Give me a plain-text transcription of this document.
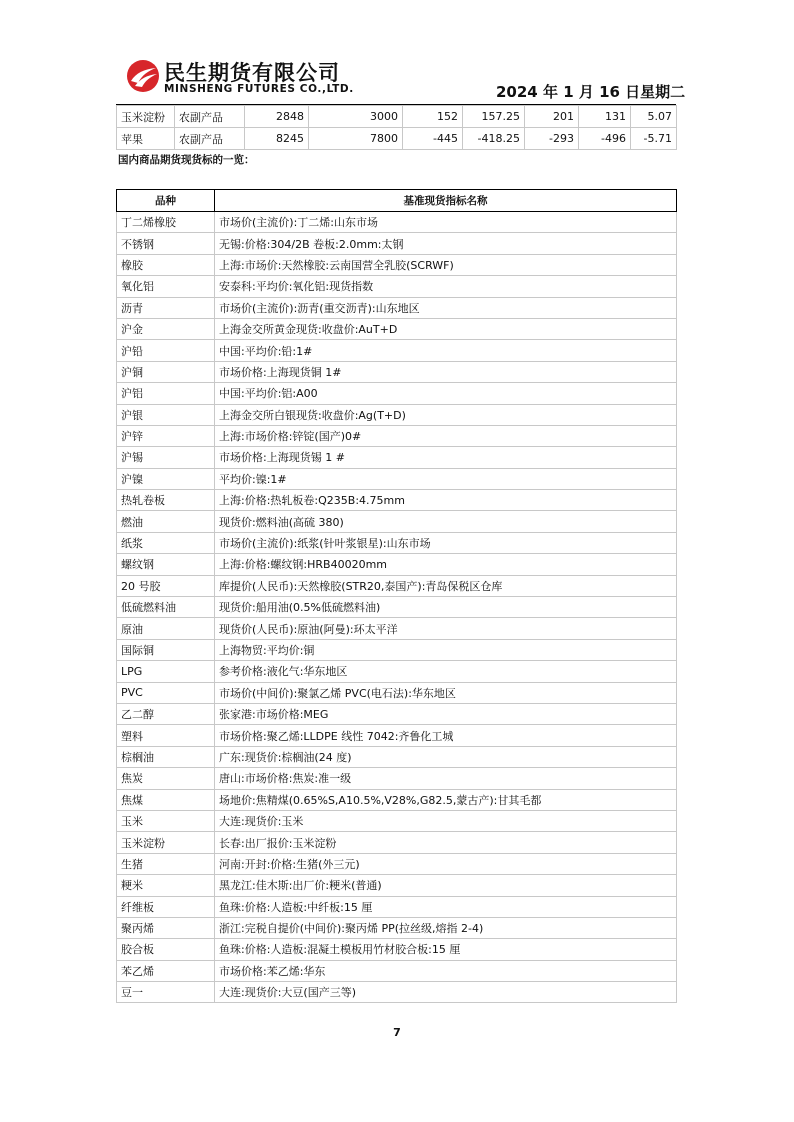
民生期货有限公司
MINSHENG FUTURES CO.,LTD.	2024 年 1 月 16 日星期二
玉米淀粉	农副产品	2848	3000	152	157.25	201	131	5.07
苹果	农副产品	8245	7800	-445	-418.25	-293	-496	-5.71
国内商品期货现货标的一览：
品种	基准现货指标名称
丁二烯橡胶	市场价(主流价):丁二烯:山东市场
不锈钢	无锡:价格:304/2B 卷板:2.0mm:太钢
橡胶	上海:市场价:天然橡胶:云南国营全乳胶(SCRWF)
氧化铝	安泰科:平均价:氧化铝:现货指数
沥青	市场价(主流价):沥青(重交沥青):山东地区
沪金	上海金交所黄金现货:收盘价:AuT+D
沪铅	中国:平均价:铅:1#
沪铜	市场价格:上海现货铜 1#
沪铝	中国:平均价:铝:A00
沪银	上海金交所白银现货:收盘价:Ag(T+D)
沪锌	上海:市场价格:锌锭(国产)0#
沪锡	市场价格:上海现货锡 1 #
沪镍	平均价:镍:1#
热轧卷板	上海:价格:热轧板卷:Q235B:4.75mm
燃油	现货价:燃料油(高硫 380)
纸浆	市场价(主流价):纸浆(针叶浆银星):山东市场
螺纹钢	上海:价格:螺纹钢:HRB40020mm
20 号胶	库提价(人民币):天然橡胶(STR20,泰国产):青岛保税区仓库
低硫燃料油	现货价:船用油(0.5%低硫燃料油)
原油	现货价(人民币):原油(阿曼):环太平洋
国际铜	上海物贸:平均价:铜
LPG	参考价格:液化气:华东地区
PVC	市场价(中间价):聚氯乙烯 PVC(电石法):华东地区
乙二醇	张家港:市场价格:MEG
塑料	市场价格:聚乙烯:LLDPE 线性 7042:齐鲁化工城
棕榈油	广东:现货价:棕榈油(24 度)
焦炭	唐山:市场价格:焦炭:准一级
焦煤	场地价:焦精煤(0.65%S,A10.5%,V28%,G82.5,蒙古产):甘其毛都
玉米	大连:现货价:玉米
玉米淀粉	长春:出厂报价:玉米淀粉
生猪	河南:开封:价格:生猪(外三元)
粳米	黑龙江:佳木斯:出厂价:粳米(普通)
纤维板	鱼珠:价格:人造板:中纤板:15 厘
聚丙烯	浙江:完税自提价(中间价):聚丙烯 PP(拉丝级,熔指 2-4)
胶合板	鱼珠:价格:人造板:混凝土模板用竹材胶合板:15 厘
苯乙烯	市场价格:苯乙烯:华东
豆一	大连:现货价:大豆(国产三等)
7
